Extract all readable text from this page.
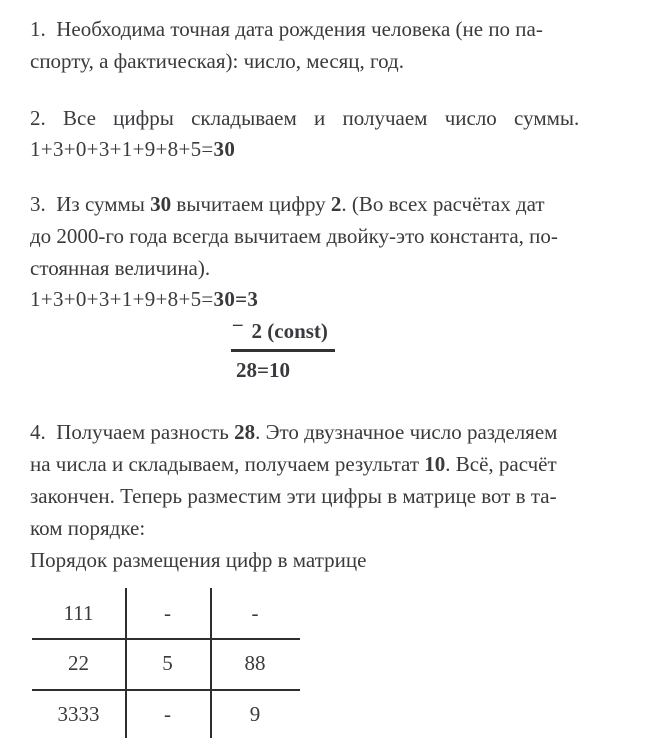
1.  Необходима точная дата рождения человека (не по па-
спорту, а фактическая): число, месяц, год.
2. Все цифры складываем и получаем число суммы.
1+3+0+3+1+9+8+5=30
3.  Из суммы 30 вычитаем цифру 2. (Во всех расчётах дат
до 2000-го года всегда вычитаем двойку-это константа, по-
стоянная величина).
1+3+0+3+1+9+8+5=30=3
– 2 (const)
28=10
4.  Получаем разность 28. Это двузначное число разделяем
на числа и складываем, получаем результат 10. Всё, расчёт
закончен. Теперь разместим эти цифры в матрице вот в та-
ком порядке:
Порядок размещения цифр в матрице
111	-	-
22	5	88
3333	-	9
